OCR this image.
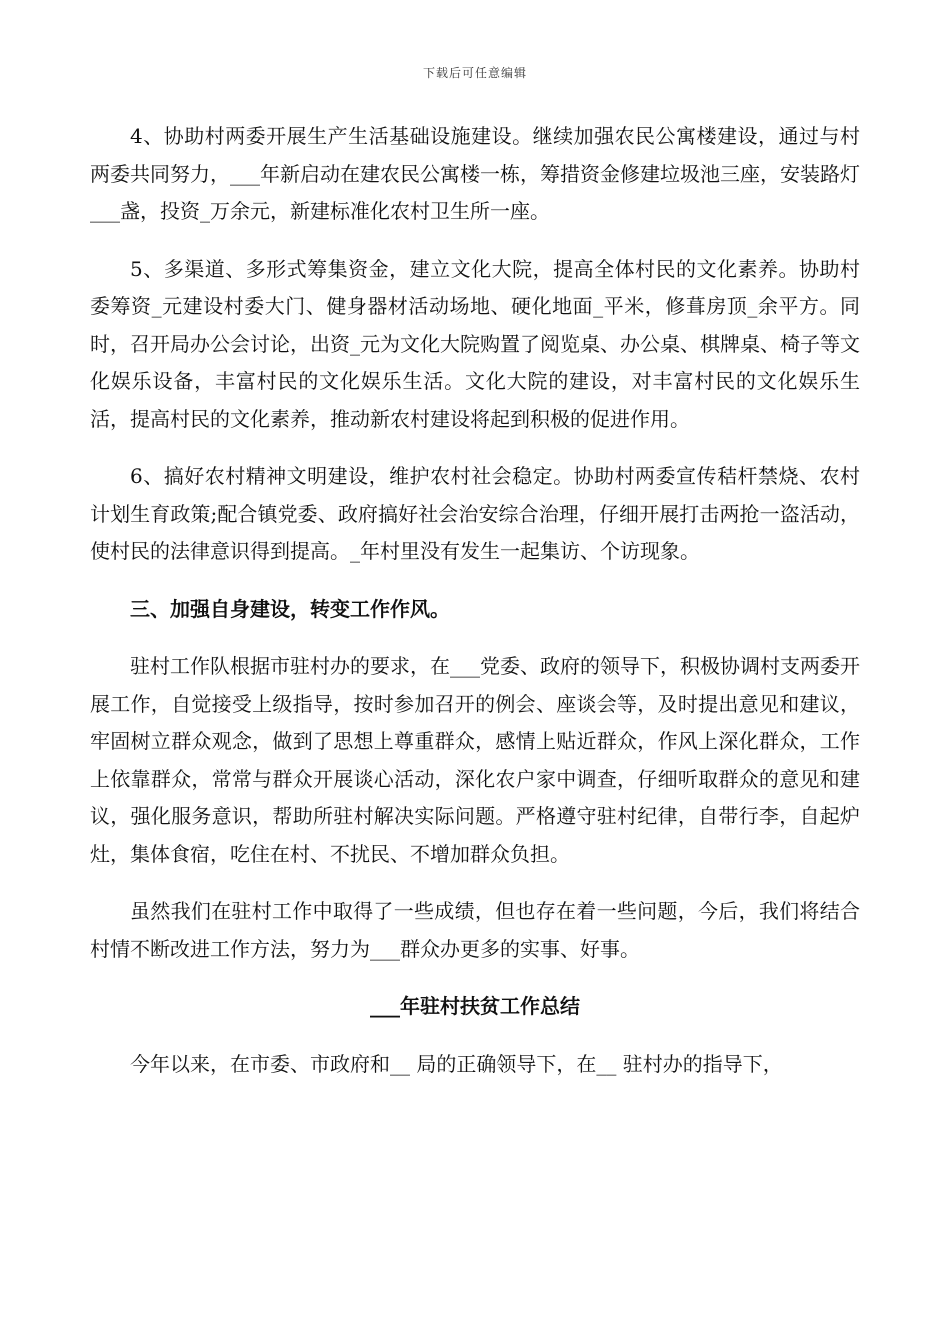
下载后可任意编辑

4、协助村两委开展生产生活基础设施建设。继续加强农民公寓楼建设，通过与村两委共同努力，___年新启动在建农民公寓楼一栋，筹措资金修建垃圾池三座，安装路灯___盏，投资_万余元，新建标准化农村卫生所一座。

5、多渠道、多形式筹集资金，建立文化大院，提高全体村民的文化素养。协助村委筹资_元建设村委大门、健身器材活动场地、硬化地面_平米，修葺房顶_余平方。同时，召开局办公会讨论，出资_元为文化大院购置了阅览桌、办公桌、棋牌桌、椅子等文化娱乐设备，丰富村民的文化娱乐生活。文化大院的建设，对丰富村民的文化娱乐生活，提高村民的文化素养，推动新农村建设将起到积极的促进作用。

6、搞好农村精神文明建设，维护农村社会稳定。协助村两委宣传秸杆禁烧、农村计划生育政策;配合镇党委、政府搞好社会治安综合治理，仔细开展打击两抢一盗活动，使村民的法律意识得到提高。_年村里没有发生一起集访、个访现象。

三、加强自身建设，转变工作作风。

驻村工作队根据市驻村办的要求，在___党委、政府的领导下，积极协调村支两委开展工作，自觉接受上级指导，按时参加召开的例会、座谈会等，及时提出意见和建议，牢固树立群众观念，做到了思想上尊重群众，感情上贴近群众，作风上深化群众，工作上依靠群众，常常与群众开展谈心活动，深化农户家中调查，仔细听取群众的意见和建议，强化服务意识，帮助所驻村解决实际问题。严格遵守驻村纪律，自带行李，自起炉灶，集体食宿，吃住在村、不扰民、不增加群众负担。

虽然我们在驻村工作中取得了一些成绩，但也存在着一些问题，今后，我们将结合村情不断改进工作方法，努力为___群众办更多的实事、好事。

___年驻村扶贫工作总结

今年以来，在市委、市政府和__ 局的正确领导下，在__ 驻村办的指导下，
